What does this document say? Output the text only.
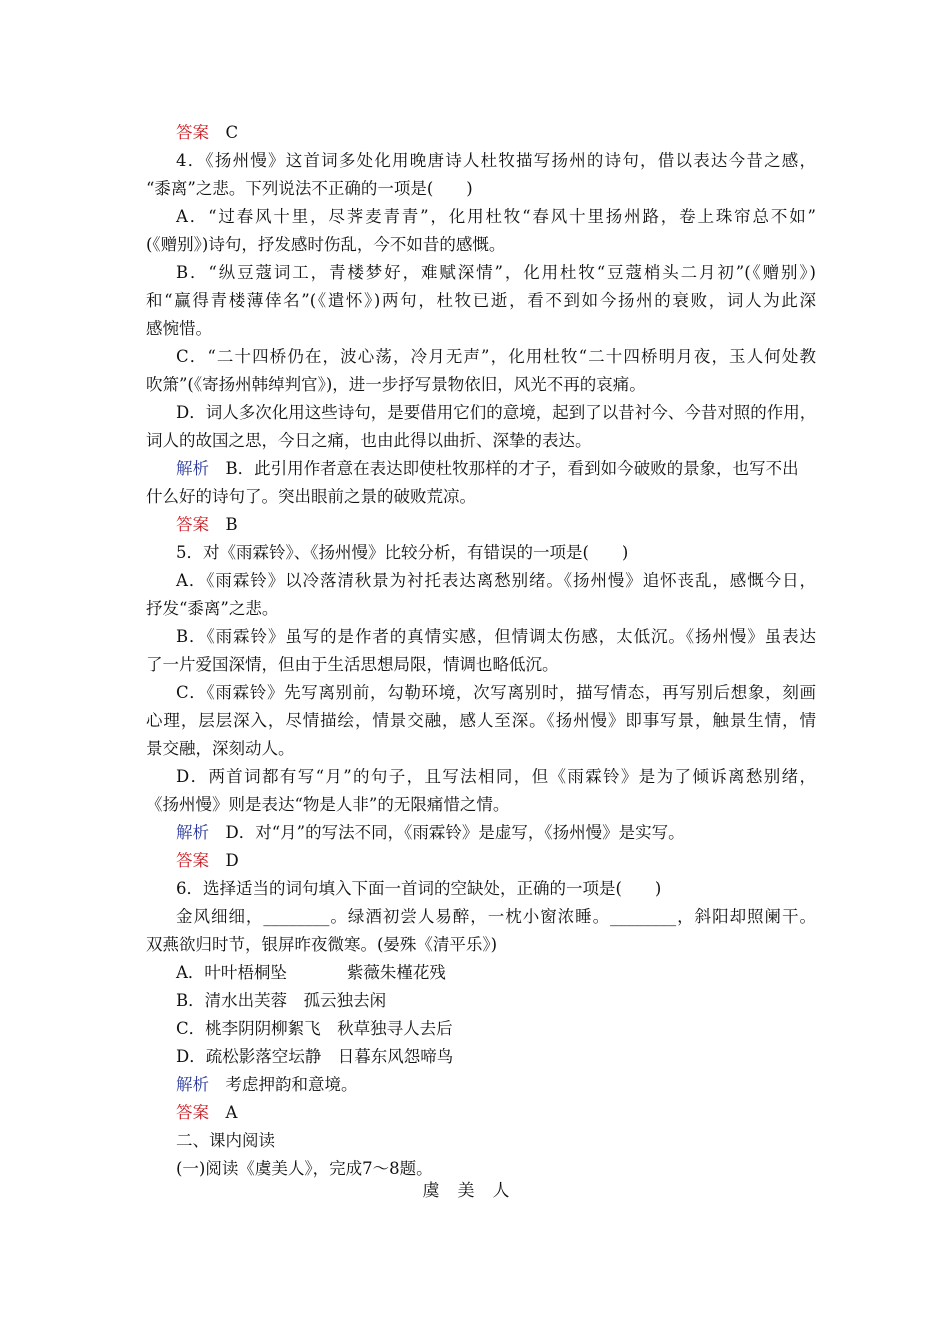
答案　 C
4．《扬州慢》这首词多处化用晚唐诗人杜牧描写扬州的诗句，借以表达今昔之感，
“黍离”之悲。下列说法不正确的一项是(　　)
A．“过春风十里，尽荠麦青青”，化用杜牧“春风十里扬州路，卷上珠帘总不如”
(《赠别》)诗句，抒发感时伤乱，今不如昔的感慨。
B．“纵豆蔻词工，青楼梦好，难赋深情”，化用杜牧“豆蔻梢头二月初”(《赠别》)
和“赢得青楼薄倖名”(《遣怀》)两句，杜牧已逝，看不到如今扬州的衰败，词人为此深
感惋惜。
C．“二十四桥仍在，波心荡，冷月无声”，化用杜牧“二十四桥明月夜，玉人何处教
吹箫”(《寄扬州韩绰判官》)，进一步抒写景物依旧，风光不再的哀痛。
D．词人多次化用这些诗句，是要借用它们的意境，起到了以昔衬今、今昔对照的作用，
词人的故国之思，今日之痛，也由此得以曲折、深挚的表达。
解析　 B．此引用作者意在表达即使杜牧那样的才子，看到如今破败的景象，也写不出
什么好的诗句了。突出眼前之景的破败荒凉。
答案　 B
5．对《雨霖铃》、《扬州慢》比较分析，有错误的一项是(　　)
A．《雨霖铃》以冷落清秋景为衬托表达离愁别绪。《扬州慢》追怀丧乱，感慨今日，
抒发“黍离”之悲。
B．《雨霖铃》虽写的是作者的真情实感，但情调太伤感，太低沉。《扬州慢》虽表达
了一片爱国深情，但由于生活思想局限，情调也略低沉。
C．《雨霖铃》先写离别前，勾勒环境，次写离别时，描写情态，再写别后想象，刻画
心理，层层深入，尽情描绘，情景交融，感人至深。《扬州慢》即事写景，触景生情，情
景交融，深刻动人。
D．两首词都有写“月”的句子，且写法相同，但《雨霖铃》是为了倾诉离愁别绪，
《扬州慢》则是表达“物是人非”的无限痛惜之情。
解析　 D．对“月”的写法不同，《雨霖铃》是虚写，《扬州慢》是实写。
答案　 D
6．选择适当的词句填入下面一首词的空缺处，正确的一项是(　　)
金风细细，________。绿酒初尝人易醉，一枕小窗浓睡。________，斜阳却照阑干。
双燕欲归时节，银屏昨夜微寒。(晏殊《清平乐》)
A．叶叶梧桐坠	紫薇朱槿花残
B．清水出芙蓉　孤云独去闲
C．桃李阴阴柳絮飞　秋草独寻人去后
D．疏松影落空坛静　日暮东风怨啼鸟
解析　 考虑押韵和意境。
答案　 A
二、课内阅读
(一)阅读《虞美人》，完成7～8题。
虞美人
